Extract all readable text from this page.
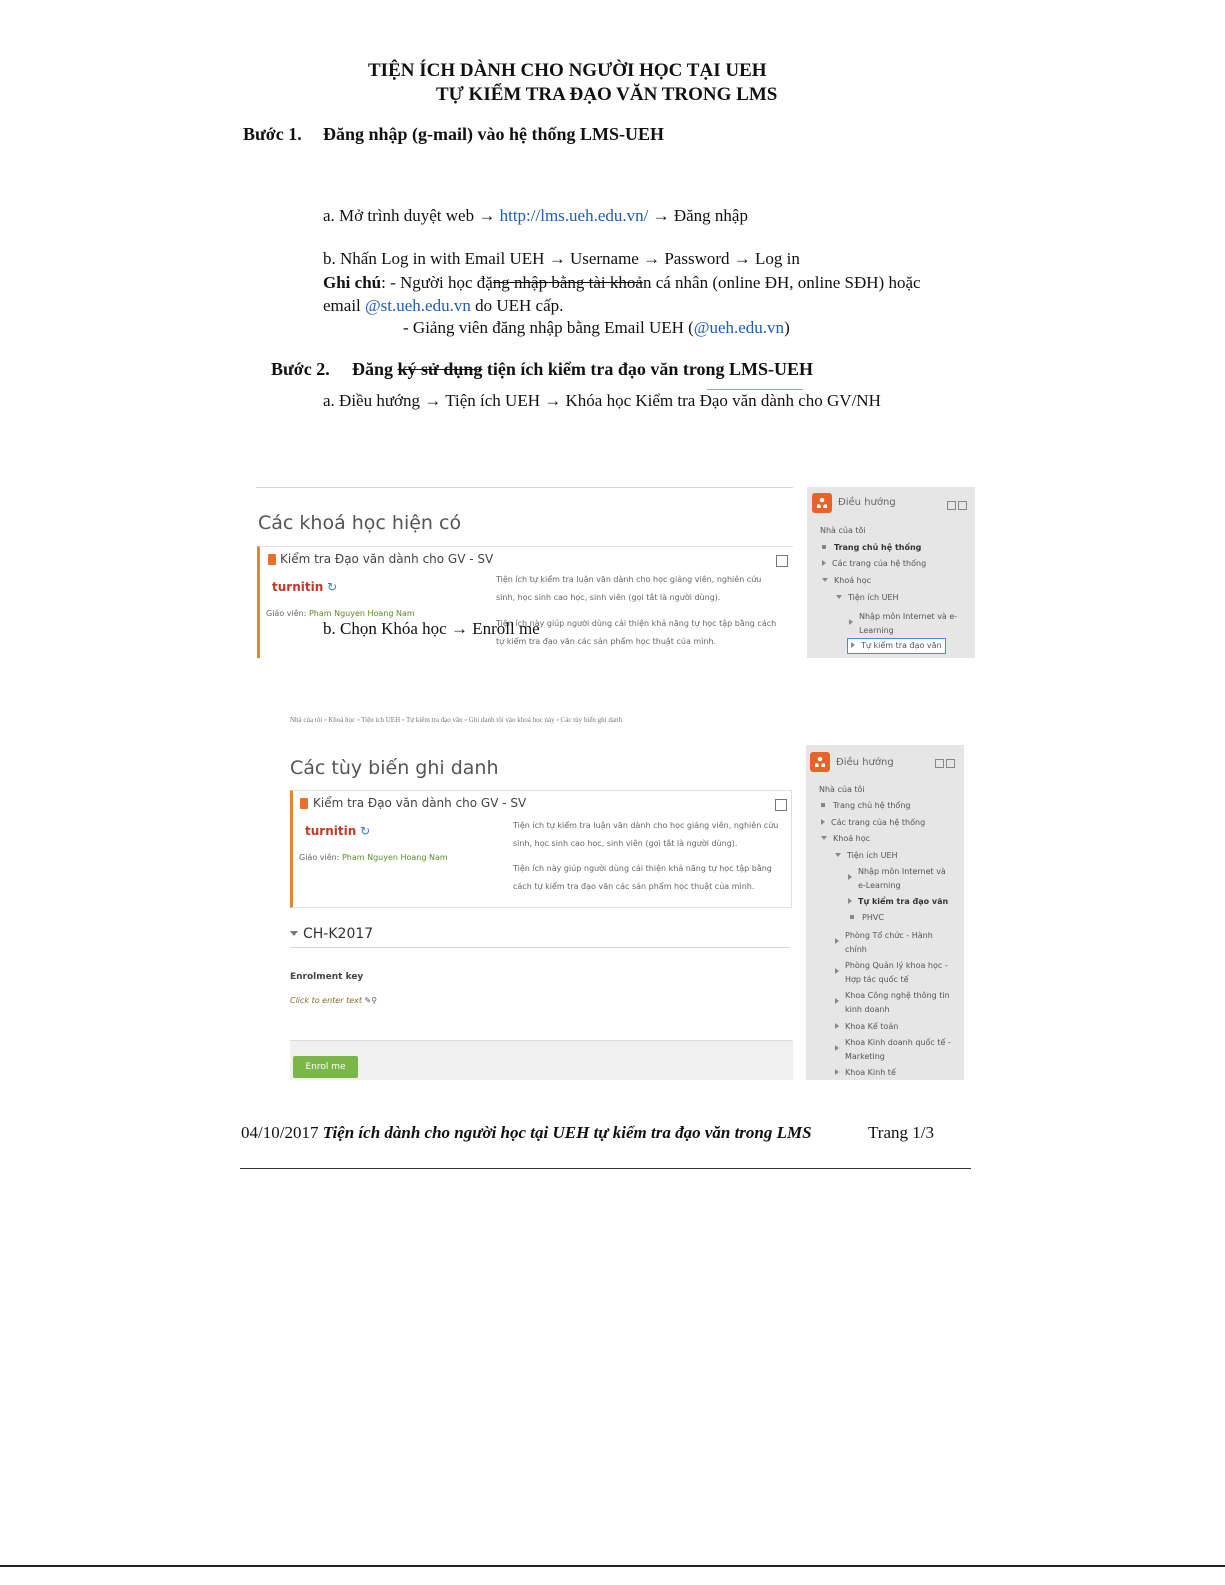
TIỆN ÍCH DÀNH CHO NGƯỜI HỌC TẠI UEH
TỰ KIỂM TRA ĐẠO VĂN TRONG LMS
Bước 1. Đăng nhập (g-mail) vào hệ thống LMS-UEH
a. Mở trình duyệt web → http://lms.ueh.edu.vn/ → Đăng nhập
b. Nhấn Log in with Email UEH → Username → Password → Log in
Ghi chú: - Người học đặng nhập bằng tài khoản cá nhân (online ĐH, online SĐH) hoặc
email @st.ueh.edu.vn do UEH cấp.
- Giảng viên đăng nhập bằng Email UEH (@ueh.edu.vn)
Bước 2. Đăng ký sử dụng tiện ích kiểm tra đạo văn trong LMS-UEH
a. Điều hướng → Tiện ích UEH → Khóa học Kiểm tra Đạo văn dành cho GV/NH
Các khoá học hiện có
Kiểm tra Đạo văn dành cho GV - SV
turnitin ↻
Giáo viên: Pham Nguyen Hoang Nam
Tiện ích tự kiểm tra luận văn dành cho học giảng viên, nghiên cứu sinh, học sinh cao học, sinh viên (gọi tắt là người dùng).
Tiện ích này giúp người dùng cải thiện khả năng tự học tập bằng cách tự kiểm tra đạo văn các sản phẩm học thuật của mình.
b. Chọn Khóa học → Enroll me
Điều hướng
Nhà của tôi
Trang chủ hệ thống
Các trang của hệ thống
Khoá học
Tiện ích UEH
Nhập môn Internet và e-
Learning
Tự kiểm tra đạo văn
Nhà của tôi ▫ Khoá học ▫ Tiện ích UEH ▫ Tự kiểm tra đạo văn ▫ Ghi danh tôi vào khoá học này ▫ Các tùy biến ghi danh
Các tùy biến ghi danh
Kiểm tra Đạo văn dành cho GV - SV
turnitin ↻
Giáo viên: Pham Nguyen Hoang Nam
Tiện ích tự kiểm tra luận văn dành cho học giảng viên, nghiên cứu sinh, học sinh cao học, sinh viên (gọi tắt là người dùng).
Tiện ích này giúp người dùng cải thiện khả năng tự học tập bằng cách tự kiểm tra đạo văn các sản phẩm học thuật của mình.
CH-K2017
Enrolment key
Click to enter text ✎⚲
Enrol me
Điều hướng
Nhà của tôi
Trang chủ hệ thống
Các trang của hệ thống
Khoá học
Tiện ích UEH
Nhập môn Internet và
e-Learning
Tự kiểm tra đạo văn
PHVC
Phòng Tổ chức - Hành
chính
Phòng Quản lý khoa học -
Hợp tác quốc tế
Khoa Công nghệ thông tin
kinh doanh
Khoa Kế toán
Khoa Kinh doanh quốc tế -
Marketing
Khoa Kinh tế
04/10/2017 Tiện ích dành cho người học tại UEH tự kiểm tra đạo văn trong LMS	Trang 1/3
